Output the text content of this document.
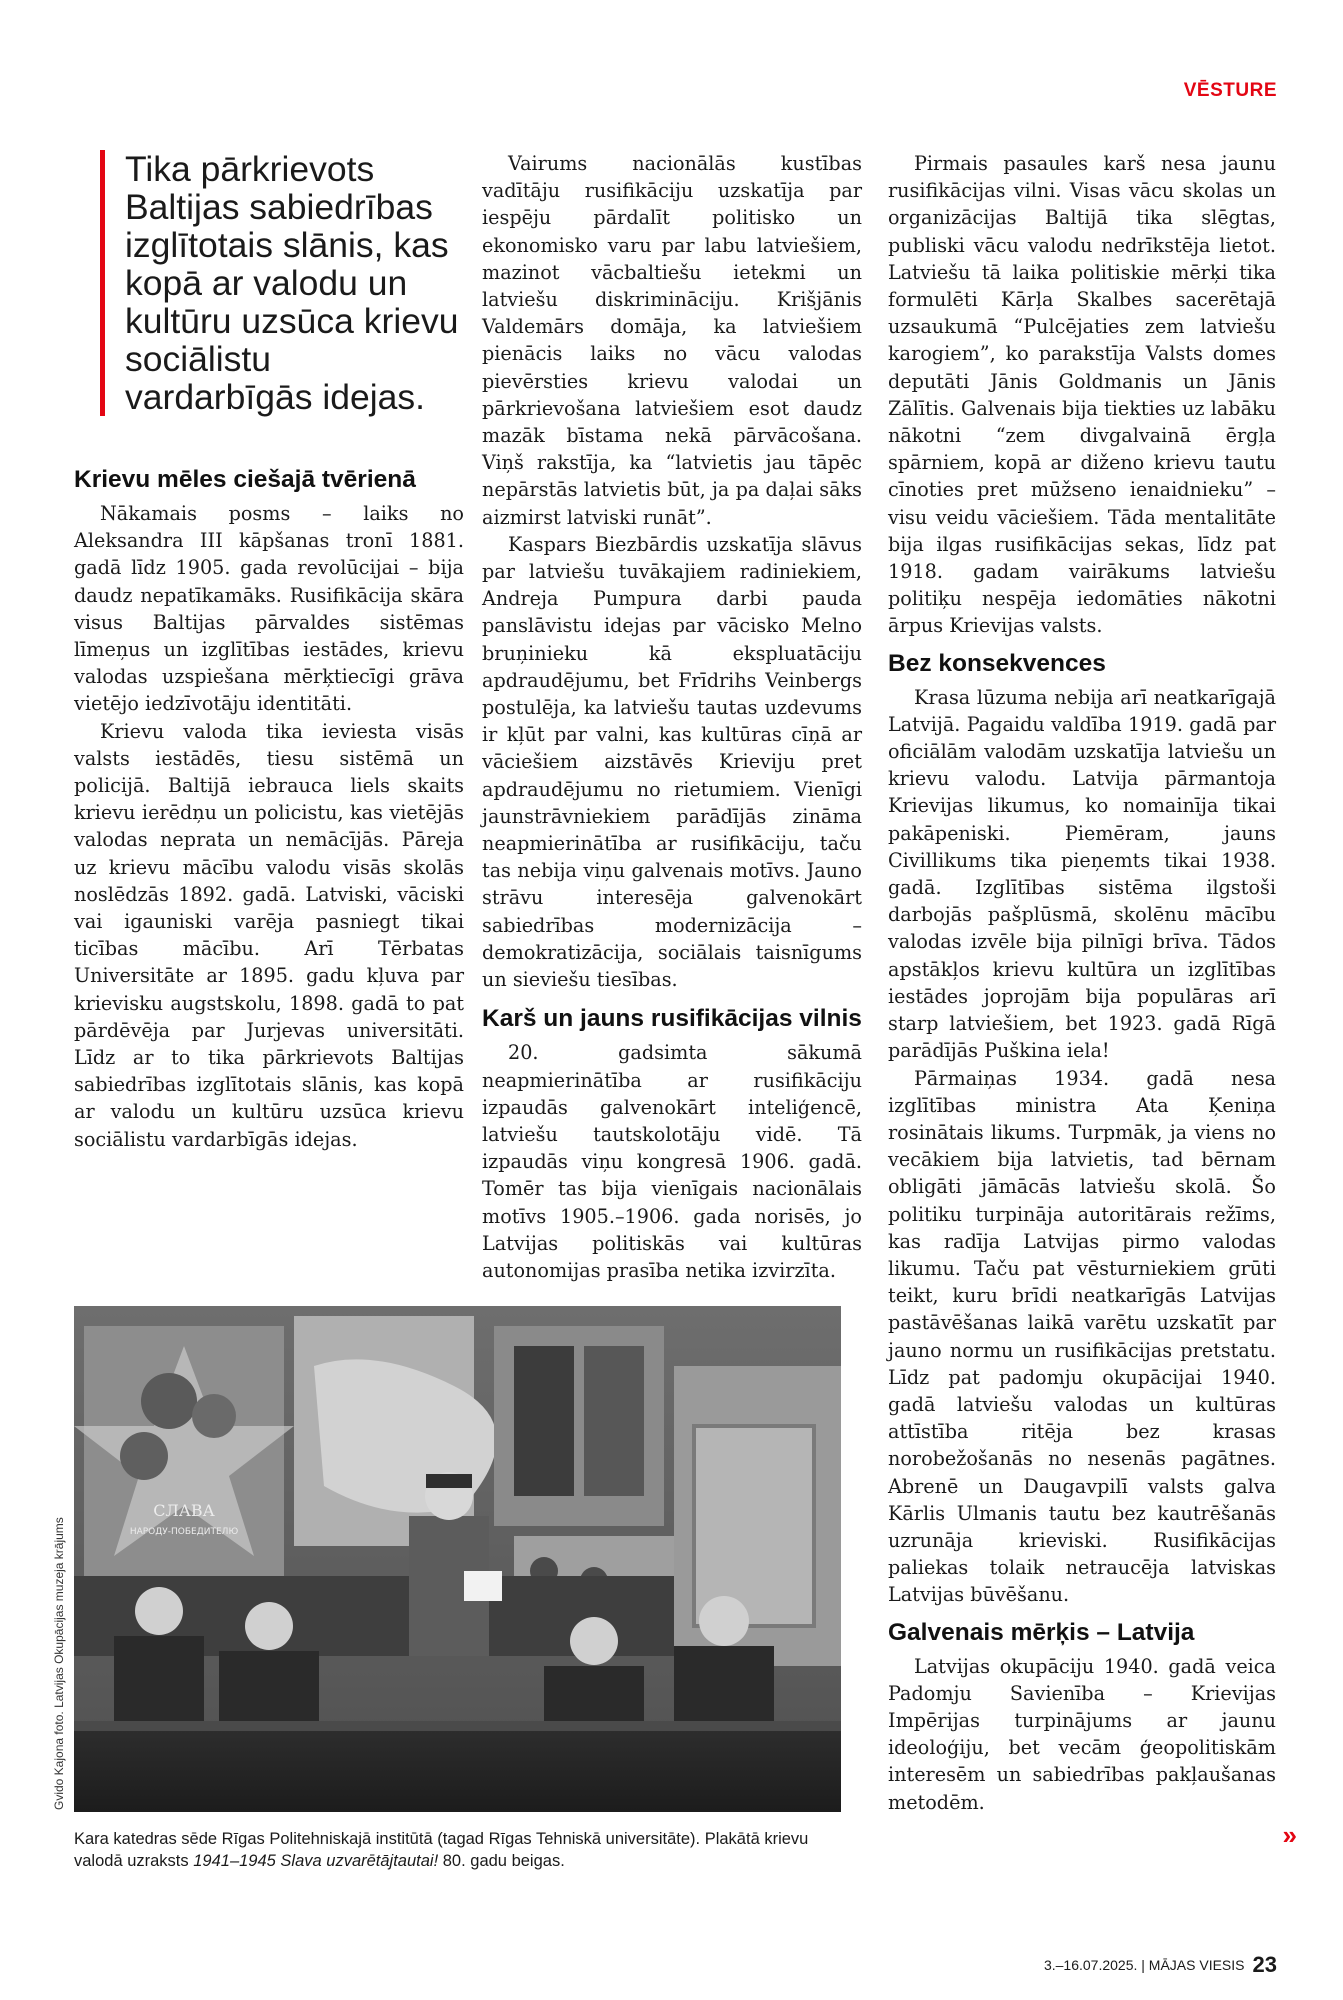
VĒSTURE
Tika pārkrievots Baltijas sabiedrības izglītotais slānis, kas kopā ar valodu un kultūru uzsūca krievu sociālistu vardarbīgās idejas.
Krievu mēles ciešajā tvērienā

Nākamais posms – laiks no Aleksandra III kāpšanas tronī 1881. gadā līdz 1905. gada revolūcijai – bija daudz nepatīkamāks. Rusifikācija skāra visus Baltijas pārvaldes sistēmas līmeņus un izglītības iestādes, krievu valodas uzspiešana mērķtiecīgi grāva vietējo iedzīvotāju identitāti.

Krievu valoda tika ieviesta visās valsts iestādēs, tiesu sistēmā un policijā. Baltijā iebrauca liels skaits krievu ierēdņu un policistu, kas vietējās valodas neprata un nemācījās. Pāreja uz krievu mācību valodu visās skolās noslēdzās 1892. gadā. Latviski, vāciski vai igauniski varēja pasniegt tikai ticības mācību. Arī Tērbatas Universitāte ar 1895. gadu kļuva par krievisku augstskolu, 1898. gadā to pat pārdēvēja par Jurjevas universitāti. Līdz ar to tika pārkrievots Baltijas sabiedrības izglītotais slānis, kas kopā ar valodu un kultūru uzsūca krievu sociālistu vardarbīgās idejas.

Vairums nacionālās kustības vadītāju rusifikāciju uzskatīja par iespēju pārdalīt politisko un ekonomisko varu par labu latviešiem, mazinot vācbaltiešu ietekmi un latviešu diskrimināciju. Krišjānis Valdemārs domāja, ka latviešiem pienācis laiks no vācu valodas pievērsties krievu valodai un pārkrievošana latviešiem esot daudz mazāk bīstama nekā pārvācošana. Viņš rakstīja, ka “latvietis jau tāpēc nepārstās latvietis būt, ja pa daļai sāks aizmirst latviski runāt”.

Kaspars Biezbārdis uzskatīja slāvus par latviešu tuvākajiem radiniekiem, Andreja Pumpura darbi pauda panslāvistu idejas par vācisko Melno bruņinieku kā ekspluatāciju apdraudējumu, bet Frīdrihs Veinbergs postulēja, ka latviešu tautas uzdevums ir kļūt par valni, kas kultūras cīņā ar vāciešiem aizstāvēs Krieviju pret apdraudējumu no rietumiem. Vienīgi jaunstrāvniekiem parādījās zināma neapmierinātība ar rusifikāciju, taču tas nebija viņu galvenais motīvs. Jauno strāvu interesēja galvenokārt sabiedrības modernizācija – demokratizācija, sociālais taisnīgums un sieviešu tiesības.

Karš un jauns rusifikācijas vilnis

20. gadsimta sākumā neapmierinātība ar rusifikāciju izpaudās galvenokārt inteliģencē, latviešu tautskolotāju vidē. Tā izpaudās viņu kongresā 1906. gadā. Tomēr tas bija vienīgais nacionālais motīvs 1905.–1906. gada norisēs, jo Latvijas politiskās vai kultūras autonomijas prasība netika izvirzīta.

Pirmais pasaules karš nesa jaunu rusifikācijas vilni. Visas vācu skolas un organizācijas Baltijā tika slēgtas, publiski vācu valodu nedrīkstēja lietot. Latviešu tā laika politiskie mērķi tika formulēti Kārļa Skalbes sacerētajā uzsaukumā “Pulcējaties zem latviešu karogiem”, ko parakstīja Valsts domes deputāti Jānis Goldmanis un Jānis Zālītis. Galvenais bija tiekties uz labāku nākotni “zem divgalvainā ērgļa spārniem, kopā ar diženo krievu tautu cīnoties pret mūžseno ienaidnieku” – visu veidu vāciešiem. Tāda mentalitāte bija ilgas rusifikācijas sekas, līdz pat 1918. gadam vairākums latviešu politiķu nespēja iedomāties nākotni ārpus Krievijas valsts.

Bez konsekvences

Krasa lūzuma nebija arī neatkarīgajā Latvijā. Pagaidu valdība 1919. gadā par oficiālām valodām uzskatīja latviešu un krievu valodu. Latvija pārmantoja Krievijas likumus, ko nomainīja tikai pakāpeniski. Piemēram, jauns Civillikums tika pieņemts tikai 1938. gadā. Izglītības sistēma ilgstoši darbojās pašplūsmā, skolēnu mācību valodas izvēle bija pilnīgi brīva. Tādos apstākļos krievu kultūra un izglītības iestādes joprojām bija populāras arī starp latviešiem, bet 1923. gadā Rīgā parādījās Puškina iela!

Pārmaiņas 1934. gadā nesa izglītības ministra Ata Ķeniņa rosinātais likums. Turpmāk, ja viens no vecākiem bija latvietis, tad bērnam obligāti jāmācās latviešu skolā. Šo politiku turpināja autoritārais režīms, kas radīja Latvijas pirmo valodas likumu. Taču pat vēsturniekiem grūti teikt, kuru brīdi neatkarīgās Latvijas pastāvēšanas laikā varētu uzskatīt par jauno normu un rusifikācijas pretstatu. Līdz pat padomju okupācijai 1940. gadā latviešu valodas un kultūras attīstība ritēja bez krasas norobežošanās no nesenās pagātnes. Abrenē un Daugavpilī valsts galva Kārlis Ulmanis tautu bez kautrēšanās uzrunāja krieviski. Rusifikācijas paliekas tolaik netraucēja latviskas Latvijas būvēšanu.

Galvenais mērķis – Latvija

Latvijas okupāciju 1940. gadā veica Padomju Savienība – Krievijas Impērijas turpinājums ar jaunu ideoloģiju, bet vecām ģeopolitiskām interesēm un sabiedrības pakļaušanas metodēm.

СЛАВА
НАРОДУ-ПОБЕДИТЕЛЮ
Gvido Kajona foto. Latvijas Okupācijas muzeja krājums
Kara katedras sēde Rīgas Politehniskajā institūtā (tagad Rīgas Tehniskā universitāte). Plakātā krievu valodā uzraksts 1941–1945 Slava uzvarētājtautai! 80. gadu beigas.
»
3.–16.07.2025. | MĀJAS VIESIS 23
